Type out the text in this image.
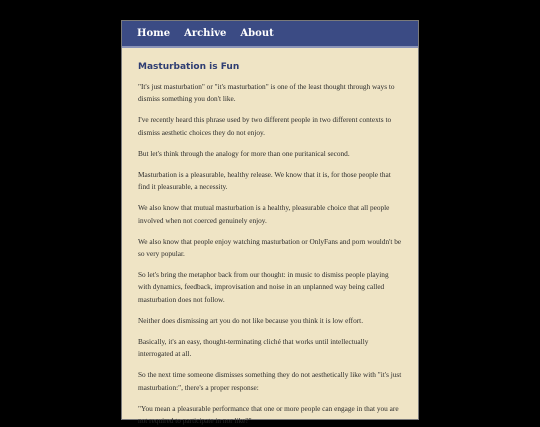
Home Archive About
Masturbation is Fun

"It's just masturbation" or "it's masturbation" is one of the least thought through ways to dismiss something you don't like.

I've recently heard this phrase used by two different people in two different contexts to dismiss aesthetic choices they do not enjoy.

But let's think through the analogy for more than one puritanical second.

Masturbation is a pleasurable, healthy release. We know that it is, for those people that find it pleasurable, a necessity.

We also know that mutual masturbation is a healthy, pleasurable choice that all people involved when not coerced genuinely enjoy.

We also know that people enjoy watching masturbation or OnlyFans and porn wouldn't be so very popular.

So let's bring the metaphor back from our thought: in music to dismiss people playing with dynamics, feedback, improvisation and noise in an unplanned way being called masturbation does not follow.

Neither does dismissing art you do not like because you think it is low effort.

Basically, it's an easy, thought-terminating cliché that works until intellectually interrogated at all.

So the next time someone dismisses something they do not aesthetically like with "it's just masturbation:", there's a proper response:

"You mean a pleasurable performance that one or more people can engage in that you are not required to participate in nor like?"
